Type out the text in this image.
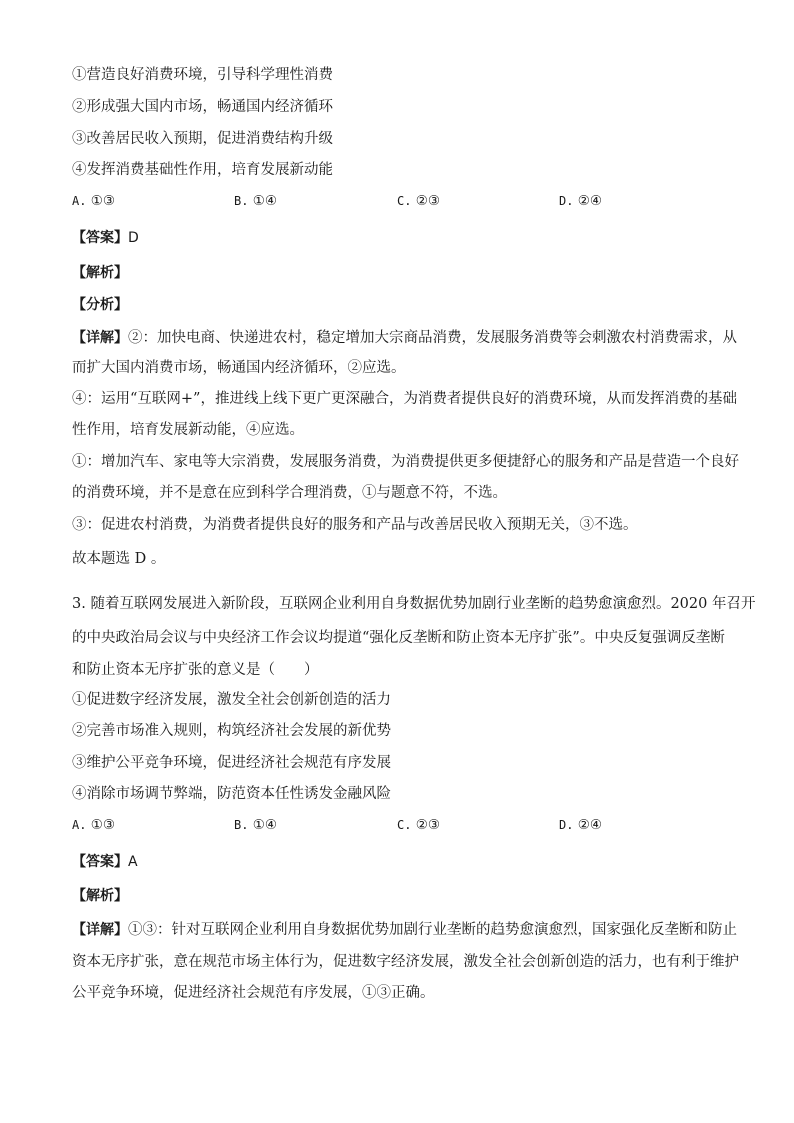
①营造良好消费环境，引导科学理性消费
②形成强大国内市场，畅通国内经济循环
③改善居民收入预期，促进消费结构升级
④发挥消费基础性作用，培育发展新动能
A. ①③	B. ①④	C. ②③	D. ②④
【答案】D
【解析】
【分析】
【详解】②：加快电商、快递进农村，稳定增加大宗商品消费，发展服务消费等会刺激农村消费需求，从
而扩大国内消费市场，畅通国内经济循环，②应选。
④：运用“互联网+”，推进线上线下更广更深融合，为消费者提供良好的消费环境，从而发挥消费的基础
性作用，培育发展新动能，④应选。
①：增加汽车、家电等大宗消费，发展服务消费，为消费提供更多便捷舒心的服务和产品是营造一个良好
的消费环境，并不是意在应到科学合理消费，①与题意不符，不选。
③：促进农村消费，为消费者提供良好的服务和产品与改善居民收入预期无关，③不选。
故本题选 D 。
3. 随着互联网发展进入新阶段，互联网企业利用自身数据优势加剧行业垄断的趋势愈演愈烈。2020 年召开
的中央政治局会议与中央经济工作会议均提道“强化反垄断和防止资本无序扩张”。中央反复强调反垄断
和防止资本无序扩张的意义是（　　）
①促进数字经济发展，激发全社会创新创造的活力
②完善市场准入规则，构筑经济社会发展的新优势
③维护公平竞争环境，促进经济社会规范有序发展
④消除市场调节弊端，防范资本任性诱发金融风险
A. ①③	B. ①④	C. ②③	D. ②④
【答案】A
【解析】
【详解】①③：针对互联网企业利用自身数据优势加剧行业垄断的趋势愈演愈烈，国家强化反垄断和防止
资本无序扩张，意在规范市场主体行为，促进数字经济发展，激发全社会创新创造的活力，也有利于维护
公平竞争环境，促进经济社会规范有序发展，①③正确。
